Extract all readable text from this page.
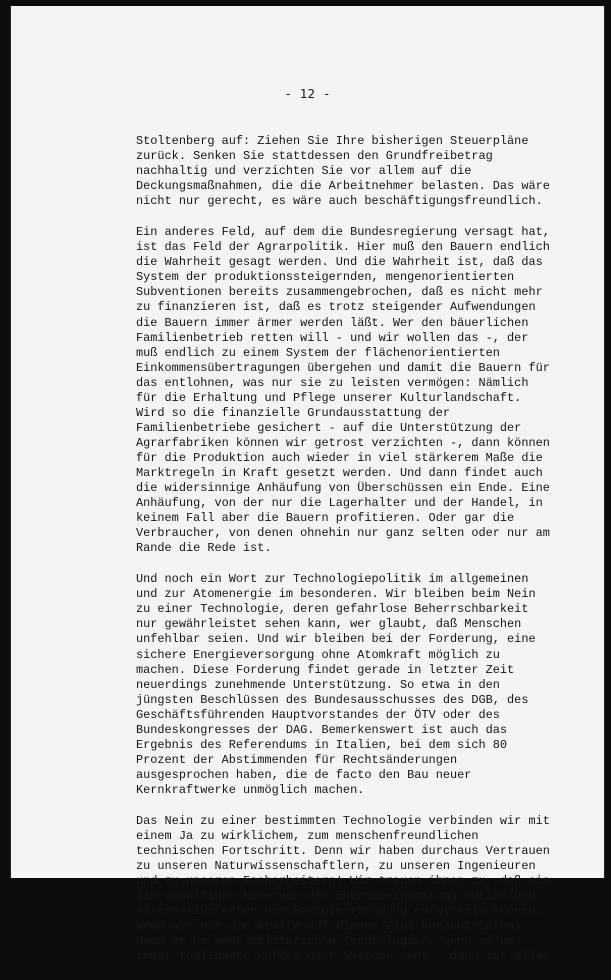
- 12 -
Stoltenberg auf: Ziehen Sie Ihre bisherigen Steuerpläne
zurück. Senken Sie stattdessen den Grundfreibetrag
nachhaltig und verzichten Sie vor allem auf die
Deckungsmaßnahmen, die die Arbeitnehmer belasten. Das wäre
nicht nur gerecht, es wäre auch beschäftigungsfreundlich.
Ein anderes Feld, auf dem die Bundesregierung versagt hat,
ist das Feld der Agrarpolitik. Hier muß den Bauern endlich
die Wahrheit gesagt werden. Und die Wahrheit ist, daß das
System der produktionssteigernden, mengenorientierten
Subventionen bereits zusammengebrochen, daß es nicht mehr
zu finanzieren ist, daß es trotz steigender Aufwendungen
die Bauern immer ärmer werden läßt. Wer den bäuerlichen
Familienbetrieb retten will - und wir wollen das -, der
muß endlich zu einem System der flächenorientierten
Einkommensübertragungen übergehen und damit die Bauern für
das entlohnen, was nur sie zu leisten vermögen: Nämlich
für die Erhaltung und Pflege unserer Kulturlandschaft.
Wird so die finanzielle Grundausstattung der
Familienbetriebe gesichert - auf die Unterstützung der
Agrarfabriken können wir getrost verzichten -, dann können
für die Produktion auch wieder in viel stärkerem Maße die
Marktregeln in Kraft gesetzt werden. Und dann findet auch
die widersinnige Anhäufung von Überschüssen ein Ende. Eine
Anhäufung, von der nur die Lagerhalter und der Handel, in
keinem Fall aber die Bauern profitieren. Oder gar die
Verbraucher, von denen ohnehin nur ganz selten oder nur am
Rande die Rede ist.
Und noch ein Wort zur Technologiepolitik im allgemeinen
und zur Atomenergie im besonderen. Wir bleiben beim Nein
zu einer Technologie, deren gefahrlose Beherrschbarkeit
nur gewährleistet sehen kann, wer glaubt, daß Menschen
unfehlbar seien. Und wir bleiben bei der Forderung, eine
sichere Energieversorgung ohne Atomkraft möglich zu
machen. Diese Forderung findet gerade in letzter Zeit
neuerdings zunehmende Unterstützung. So etwa in den
jüngsten Beschlüssen des Bundesausschusses des DGB, des
Geschäftsführenden Hauptvorstandes der ÖTV oder des
Bundeskongresses der DAG. Bemerkenswert ist auch das
Ergebnis des Referendums in Italien, bei dem sich 80
Prozent der Abstimmenden für Rechtsänderungen
ausgesprochen haben, die de facto den Bau neuer
Kernkraftwerke unmöglich machen.
Das Nein zu einer bestimmten Technologie verbinden wir mit
einem Ja zu wirklichem, zum menschenfreundlichen
technischen Fortschritt. Denn wir haben durchaus Vertrauen
zu unseren Naturwissenschaftlern, zu unseren Ingenieuren
und zu unseren Facharbeitern! Wir trauen ihnen zu, daß sie
die gewaltigen Reserven der Energieeinsparung nutzen und
alternative Arten der Energieerzeugung entwickeln können,
wenn wir nur die Kräfte auf dieses Ziel konzentrieren.
Wenn es um neue militärische Technologien, wenn es um
immer tödlichere Waffen oder Systeme geht - dann ist alles
